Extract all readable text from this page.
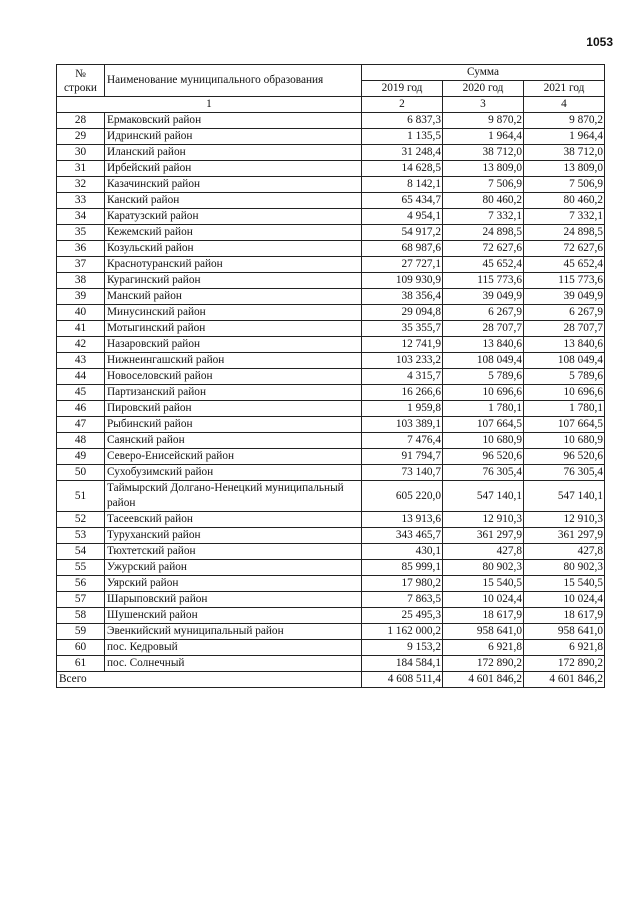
1053
№ строки	Наименование муниципального образования	Сумма		
		2019 год	2020 год	2021 год
1		2	3	4
28	Ермаковский район	6 837,3	9 870,2	9 870,2
29	Идринский район	1 135,5	1 964,4	1 964,4
30	Иланский район	31 248,4	38 712,0	38 712,0
31	Ирбейский район	14 628,5	13 809,0	13 809,0
32	Казачинский район	8 142,1	7 506,9	7 506,9
33	Канский район	65 434,7	80 460,2	80 460,2
34	Каратузский район	4 954,1	7 332,1	7 332,1
35	Кежемский район	54 917,2	24 898,5	24 898,5
36	Козульский район	68 987,6	72 627,6	72 627,6
37	Краснотуранский район	27 727,1	45 652,4	45 652,4
38	Курагинский район	109 930,9	115 773,6	115 773,6
39	Манский район	38 356,4	39 049,9	39 049,9
40	Минусинский район	29 094,8	6 267,9	6 267,9
41	Мотыгинский район	35 355,7	28 707,7	28 707,7
42	Назаровский район	12 741,9	13 840,6	13 840,6
43	Нижнеингашский район	103 233,2	108 049,4	108 049,4
44	Новоселовский район	4 315,7	5 789,6	5 789,6
45	Партизанский район	16 266,6	10 696,6	10 696,6
46	Пировский район	1 959,8	1 780,1	1 780,1
47	Рыбинский район	103 389,1	107 664,5	107 664,5
48	Саянский район	7 476,4	10 680,9	10 680,9
49	Северо-Енисейский район	91 794,7	96 520,6	96 520,6
50	Сухобузимский район	73 140,7	76 305,4	76 305,4
51	Таймырский Долгано-Ненецкий муниципальный район	605 220,0	547 140,1	547 140,1
52	Тасеевский район	13 913,6	12 910,3	12 910,3
53	Туруханский район	343 465,7	361 297,9	361 297,9
54	Тюхтетский район	430,1	427,8	427,8
55	Ужурский район	85 999,1	80 902,3	80 902,3
56	Уярский район	17 980,2	15 540,5	15 540,5
57	Шарыповский район	7 863,5	10 024,4	10 024,4
58	Шушенский район	25 495,3	18 617,9	18 617,9
59	Эвенкийский муниципальный район	1 162 000,2	958 641,0	958 641,0
60	пос. Кедровый	9 153,2	6 921,8	6 921,8
61	пос. Солнечный	184 584,1	172 890,2	172 890,2
Всего		4 608 511,4	4 601 846,2	4 601 846,2
